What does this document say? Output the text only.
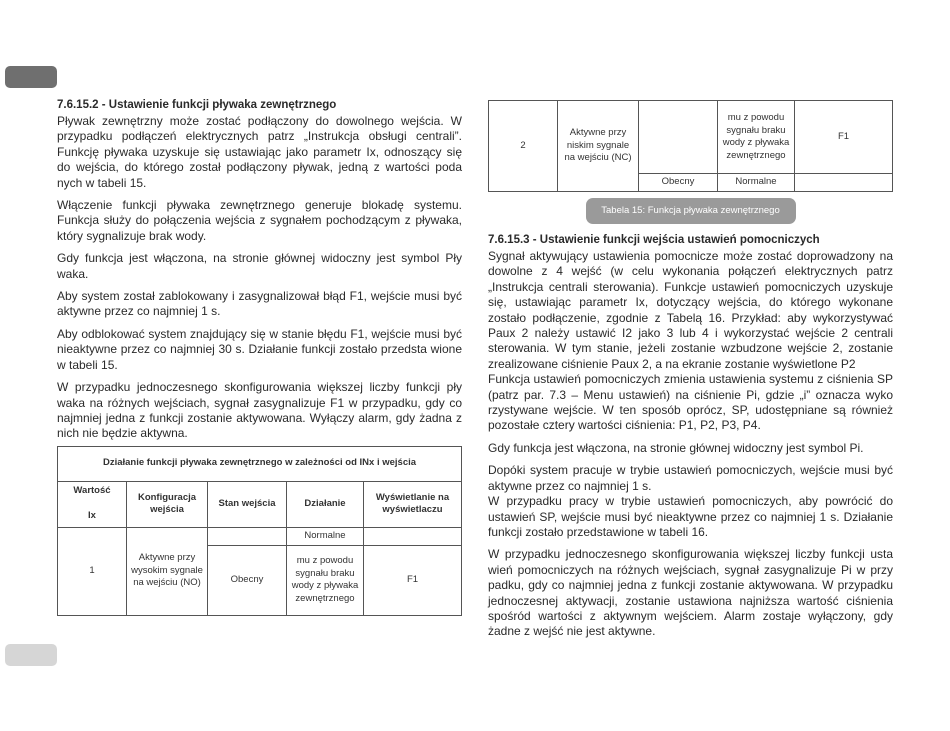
7.6.15.2 - Ustawienie funkcji pływaka zewnętrznego

Pływak zewnętrzny może zostać podłączony do dowolnego wejścia. W przypadku podłączeń elektrycznych patrz „Instrukcja obsługi centrali”. Funkcję pływaka uzyskuje się ustawiając jako parametr Ix, odnoszący się do wejścia, do którego został podłączony pływak, jedną z wartości poda nych w tabeli 15.

Włączenie funkcji pływaka zewnętrznego generuje blokadę systemu. Funkcja służy do połączenia wejścia z sygnałem pochodzącym z pływaka, który sygnalizuje brak wody.

Gdy funkcja jest włączona, na stronie głównej widoczny jest symbol Pły waka.

Aby system został zablokowany i zasygnalizował błąd F1, wejście musi być aktywne przez co najmniej 1 s.

Aby odblokować system znajdujący się w stanie błędu F1, wejście musi być nieaktywne przez co najmniej 30 s. Działanie funkcji zostało przedsta wione w tabeli 15.

W przypadku jednoczesnego skonfigurowania większej liczby funkcji pły waka na różnych wejściach, sygnał zasygnalizuje F1 w przypadku, gdy co najmniej jedna z funkcji zostanie aktywowana. Wyłączy alarm, gdy żadna z nich nie będzie aktywna.

Działanie funkcji pływaka zewnętrznego w zależności od INx i wejścia				
Wartość

Ix	Konfiguracja wejścia	Stan wejścia	Działanie	Wyświetlanie na wyświetlaczu
1	Aktywne przy wysokim sygnale na wejściu (NO)		Normalne	
		Obecny	mu z powodu sygnału braku wody z pływaka zewnętrznego	F1
2	Aktywne przy niskim sygnale na wejściu (NC)		mu z powodu sygnału braku wody z pływaka zewnętrznego	F1
		Obecny	Normalne	
Tabela 15: Funkcja pływaka zewnętrznego
7.6.15.3 - Ustawienie funkcji wejścia ustawień pomocniczych

Sygnał aktywujący ustawienia pomocnicze może zostać doprowadzony na dowolne z 4 wejść (w celu wykonania połączeń elektrycznych patrz „Instrukcja centrali sterowania). Funkcje ustawień pomocniczych uzyskuje się, ustawiając parametr Ix, dotyczący wejścia, do którego wykonane zostało podłączenie, zgodnie z Tabelą 16. Przykład: aby wykorzystywać Paux 2 należy ustawić I2 jako 3 lub 4 i wykorzystać wejście 2 centrali sterowania. W tym stanie, jeżeli zostanie wzbudzone wejście 2, zostanie zrealizowane ciśnienie Paux 2, a na ekranie zostanie wyświetlone P2

Funkcja ustawień pomocniczych zmienia ustawienia systemu z ciśnienia SP (patrz par. 7.3 – Menu ustawień) na ciśnienie Pi, gdzie „i” oznacza wyko rzystywane wejście. W ten sposób oprócz, SP, udostępniane są również pozostałe cztery wartości ciśnienia: P1, P2, P3, P4.

Gdy funkcja jest włączona, na stronie głównej widoczny jest symbol Pi.

Dopóki system pracuje w trybie ustawień pomocniczych, wejście musi być aktywne przez co najmniej 1 s.

W przypadku pracy w trybie ustawień pomocniczych, aby powrócić do ustawień SP, wejście musi być nieaktywne przez co najmniej 1 s. Działanie funkcji zostało przedstawione w tabeli 16.

W przypadku jednoczesnego skonfigurowania większej liczby funkcji usta wień pomocniczych na różnych wejściach, sygnał zasygnalizuje Pi w przy padku, gdy co najmniej jedna z funkcji zostanie aktywowana. W przypadku jednoczesnej aktywacji, zostanie ustawiona najniższa wartość ciśnienia spośród wartości z aktywnym wejściem. Alarm zostaje wyłączony, gdy żadne z wejść nie jest aktywne.
